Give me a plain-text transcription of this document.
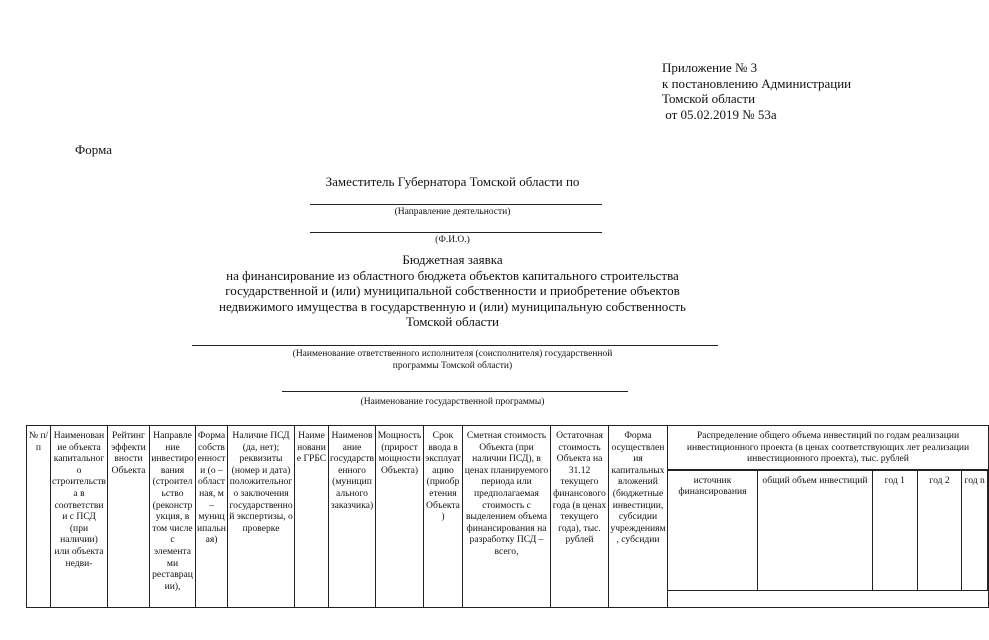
Приложение № 3
к постановлению Администрации
Томской области
от 05.02.2019 № 53а
Форма
Заместитель Губернатора Томской области по
(Направление деятельности)
(Ф.И.О.)
Бюджетная заявка
на финансирование из областного бюджета объектов капитального строительства
государственной и (или) муниципальной собственности и приобретение объектов
недвижимого имущества в государственную и (или) муниципальную собственность
Томской области
(Наименование ответственного исполнителя (соисполнителя) государственной
программы Томской области)
(Наименование государственной программы)
№ п/п	Наименование объекта капитального строительства в соответствии с ПСД (при наличии) или объекта недви-	Рейтинг эффективности Объекта	Направление инвестирования (строительство (реконструкция, в том числе с элементами реставрации),	Форма собственности (о – областная, м – муниципальная)	Наличие ПСД (да, нет); реквизиты (номер и дата) положительного заключения государственной экспертизы, о проверке	Наименование ГРБС	Наименование государственного (муниципального заказчика)	Мощность (прирост мощности Объекта)	Срок ввода в эксплуатацию (приобретения Объекта)	Сметная стоимость Объекта (при наличии ПСД), в ценах планируемого периода или предполагаемая стоимость с выделением объема финансирования на разработку ПСД – всего,	Остаточная стоимость Объекта на 31.12 текущего финансового года (в ценах текущего года), тыс. рублей	Форма осуществления капитальных вложений (бюджетные инвестиции, субсидии учреждениям, субсидии	
Распределение общего объема инвестиций по годам реализации инвестиционного проекта (в ценах соответствующих лет реализации инвестиционного проекта), тыс. рублей
источник финансирования	общий объем инвестиций	год 1	год 2	год n
